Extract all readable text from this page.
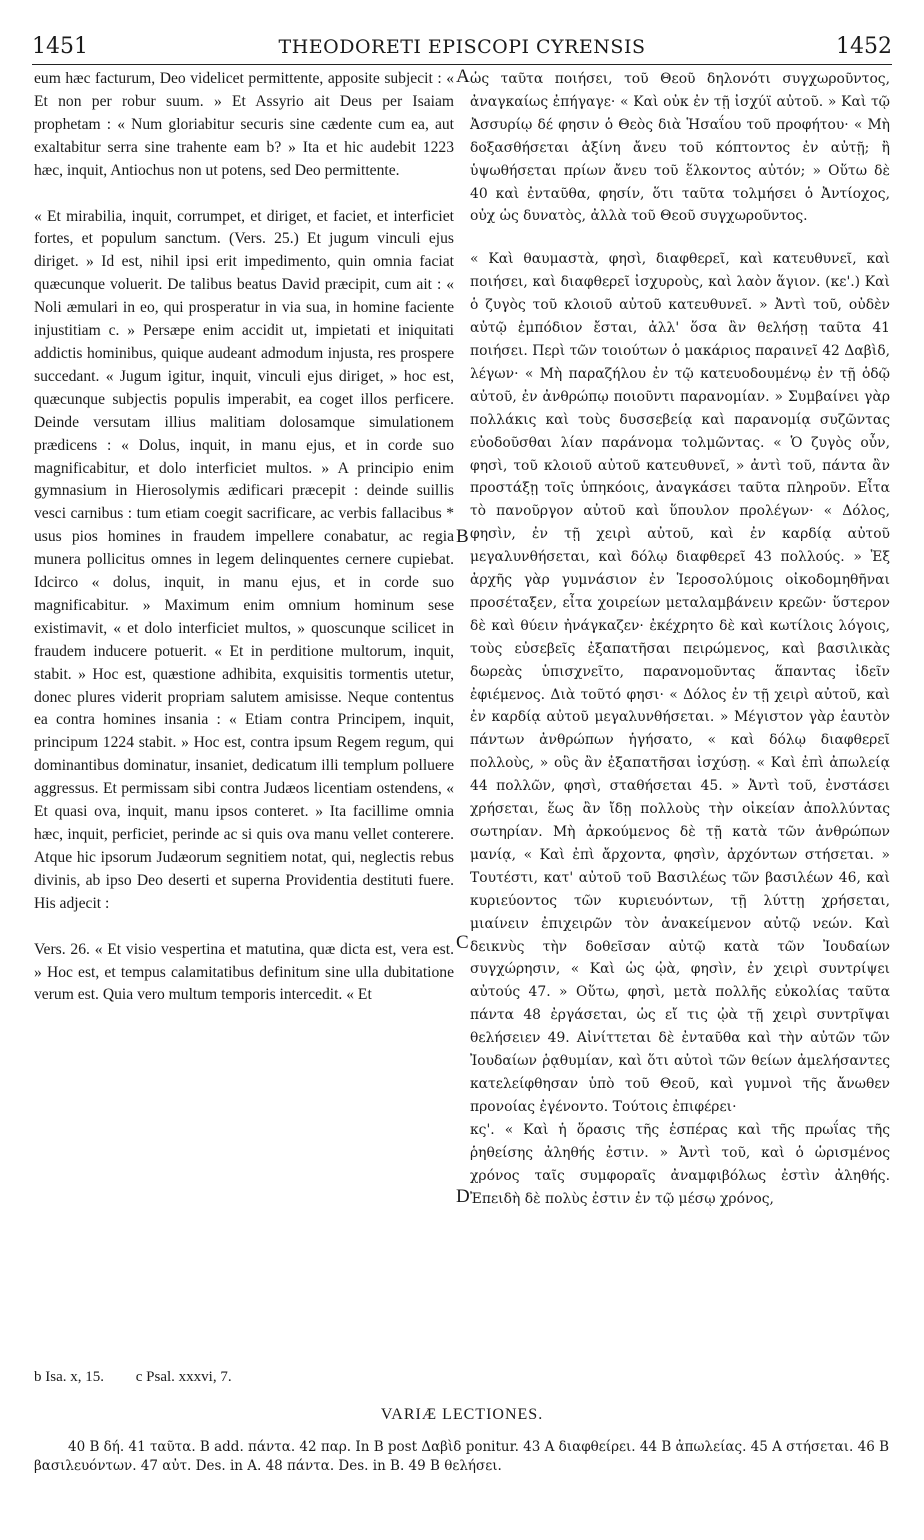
1451	THEODORETI EPISCOPI CYRENSIS	1452

eum hæc facturum, Deo videlicet permittente, apposite subjecit : « Et non per robur suum. » Et Assyrio ait Deus per Isaiam prophetam : « Num gloriabitur securis sine cædente cum ea, aut exaltabitur serra sine trahente eam b? » Ita et hic audebit 1223 hæc, inquit, Antiochus non ut potens, sed Deo permittente.

« Et mirabilia, inquit, corrumpet, et diriget, et faciet, et interficiet fortes, et populum sanctum. (Vers. 25.) Et jugum vinculi ejus diriget. » Id est, nihil ipsi erit impedimento, quin omnia faciat quæcunque voluerit. De talibus beatus David præcipit, cum ait : « Noli æmulari in eo, qui prosperatur in via sua, in homine faciente injustitiam c. » Persæpe enim accidit ut, impietati et iniquitati addictis hominibus, quique audeant admodum injusta, res prospere succedant. « Jugum igitur, inquit, vinculi ejus diriget, » hoc est, quæcunque subjectis populis imperabit, ea coget illos perficere. Deinde versutam illius malitiam dolosamque simulationem prædicens : « Dolus, inquit, in manu ejus, et in corde suo magnificabitur, et dolo interficiet multos. » A principio enim gymnasium in Hierosolymis ædificari præcepit : deinde suillis vesci carnibus : tum etiam coegit sacrificare, ac verbis fallacibus * usus pios homines in fraudem impellere conabatur, ac regia munera pollicitus omnes in legem delinquentes cernere cupiebat. Idcirco « dolus, inquit, in manu ejus, et in corde suo magnificabitur. » Maximum enim omnium hominum sese existimavit, « et dolo interficiet multos, » quoscunque scilicet in fraudem inducere potuerit. « Et in perditione multorum, inquit, stabit. » Hoc est, quæstione adhibita, exquisitis tormentis utetur, donec plures viderit propriam salutem amisisse. Neque contentus ea contra homines insania : « Etiam contra Principem, inquit, principum 1224 stabit. » Hoc est, contra ipsum Regem regum, qui dominantibus dominatur, insaniet, dedicatum illi templum polluere aggressus. Et permissam sibi contra Judæos licentiam ostendens, « Et quasi ova, inquit, manu ipsos conteret. » Ita facillime omnia hæc, inquit, perficiet, perinde ac si quis ova manu vellet conterere. Atque hic ipsorum Judæorum segnitiem notat, qui, neglectis rebus divinis, ab ipso Deo deserti et superna Providentia destituti fuere. His adjecit :

Vers. 26. « Et visio vespertina et matutina, quæ dicta est, vera est. » Hoc est, et tempus calamitatibus definitum sine ulla dubitatione verum est. Quia vero multum temporis intercedit. « Et

A
B
C
D

ὡς ταῦτα ποιήσει, τοῦ Θεοῦ δηλονότι συγχωροῦντος, ἀναγκαίως ἐπήγαγε· « Καὶ οὐκ ἐν τῇ ἰσχύϊ αὐτοῦ. » Καὶ τῷ Ἀσσυρίῳ δέ φησιν ὁ Θεὸς διὰ Ἡσαΐου τοῦ προφήτου· « Μὴ δοξασθήσεται ἀξίνη ἄνευ τοῦ κόπτοντος ἐν αὐτῇ; ἢ ὑψωθήσεται πρίων ἄνευ τοῦ ἕλκοντος αὐτόν; » Οὕτω δὲ 40 καὶ ἐνταῦθα, φησίν, ὅτι ταῦτα τολμήσει ὁ Ἀντίοχος, οὐχ ὡς δυνατὸς, ἀλλὰ τοῦ Θεοῦ συγχωροῦντος.

« Καὶ θαυμαστὰ, φησὶ, διαφθερεῖ, καὶ κατευθυνεῖ, καὶ ποιήσει, καὶ διαφθερεῖ ἰσχυροὺς, καὶ λαὸν ἅγιον. (κε'.) Καὶ ὁ ζυγὸς τοῦ κλοιοῦ αὐτοῦ κατευθυνεῖ. » Ἀντὶ τοῦ, οὐδὲν αὐτῷ ἐμπόδιον ἔσται, ἀλλ' ὅσα ἂν θελήσῃ ταῦτα 41 ποιήσει. Περὶ τῶν τοιούτων ὁ μακάριος παραινεῖ 42 Δαβὶδ, λέγων· « Μὴ παραζήλου ἐν τῷ κατευοδουμένῳ ἐν τῇ ὁδῷ αὐτοῦ, ἐν ἀνθρώπῳ ποιοῦντι παρανομίαν. » Συμβαίνει γὰρ πολλάκις καὶ τοὺς δυσσεβείᾳ καὶ παρανομίᾳ συζῶντας εὐοδοῦσθαι λίαν παράνομα τολμῶντας. « Ὁ ζυγὸς οὖν, φησὶ, τοῦ κλοιοῦ αὐτοῦ κατευθυνεῖ, » ἀντὶ τοῦ, πάντα ἂν προστάξῃ τοῖς ὑπηκόοις, ἀναγκάσει ταῦτα πληροῦν. Εἶτα τὸ πανοῦργον αὐτοῦ καὶ ὕπουλον προλέγων· « Δόλος, φησὶν, ἐν τῇ χειρὶ αὐτοῦ, καὶ ἐν καρδίᾳ αὐτοῦ μεγαλυνθήσεται, καὶ δόλῳ διαφθερεῖ 43 πολλούς. » Ἐξ ἀρχῆς γὰρ γυμνάσιον ἐν Ἱεροσολύμοις οἰκοδομηθῆναι προσέταξεν, εἶτα χοιρείων μεταλαμβάνειν κρεῶν· ὕστερον δὲ καὶ θύειν ἠνάγκαζεν· ἐκέχρητο δὲ καὶ κωτίλοις λόγοις, τοὺς εὐσεβεῖς ἐξαπατῆσαι πειρώμενος, καὶ βασιλικὰς δωρεὰς ὑπισχνεῖτο, παρανομοῦντας ἅπαντας ἰδεῖν ἐφιέμενος. Διὰ τοῦτό φησι· « Δόλος ἐν τῇ χειρὶ αὐτοῦ, καὶ ἐν καρδίᾳ αὐτοῦ μεγαλυνθήσεται. » Μέγιστον γὰρ ἑαυτὸν πάντων ἀνθρώπων ἡγήσατο, « καὶ δόλῳ διαφθερεῖ πολλοὺς, » οὓς ἂν ἐξαπατῆσαι ἰσχύσῃ. « Καὶ ἐπὶ ἀπωλείᾳ 44 πολλῶν, φησὶ, σταθήσεται 45. » Ἀντὶ τοῦ, ἐνστάσει χρήσεται, ἕως ἂν ἴδῃ πολλοὺς τὴν οἰκείαν ἀπολλύντας σωτηρίαν. Μὴ ἀρκούμενος δὲ τῇ κατὰ τῶν ἀνθρώπων μανίᾳ, « Καὶ ἐπὶ ἄρχοντα, φησὶν, ἀρχόντων στήσεται. » Τουτέστι, κατ' αὐτοῦ τοῦ Βασιλέως τῶν βασιλέων 46, καὶ κυριεύοντος τῶν κυριευόντων, τῇ λύττῃ χρήσεται, μιαίνειν ἐπιχειρῶν τὸν ἀνακείμενον αὐτῷ νεών. Καὶ δεικνὺς τὴν δοθεῖσαν αὐτῷ κατὰ τῶν Ἰουδαίων συγχώρησιν, « Καὶ ὡς ᾠὰ, φησὶν, ἐν χειρὶ συντρίψει αὐτούς 47. » Οὕτω, φησὶ, μετὰ πολλῆς εὐκολίας ταῦτα πάντα 48 ἐργάσεται, ὡς εἴ τις ᾠὰ τῇ χειρὶ συντρῖψαι θελήσειεν 49. Αἰνίττεται δὲ ἐνταῦθα καὶ τὴν αὐτῶν τῶν Ἰουδαίων ῥᾳθυμίαν, καὶ ὅτι αὐτοὶ τῶν θείων ἀμελήσαντες κατελείφθησαν ὑπὸ τοῦ Θεοῦ, καὶ γυμνοὶ τῆς ἄνωθεν προνοίας ἐγένοντο. Τούτοις ἐπιφέρει·

κς'. « Καὶ ἡ ὅρασις τῆς ἑσπέρας καὶ τῆς πρωΐας τῆς ῥηθείσης ἀληθής ἐστιν. » Ἀντὶ τοῦ, καὶ ὁ ὡρισμένος χρόνος ταῖς συμφοραῖς ἀναμφιβόλως ἐστὶν ἀληθής. Ἐπειδὴ δὲ πολὺς ἐστιν ἐν τῷ μέσῳ χρόνος,

b Isa. x, 15. c Psal. xxxvi, 7.
VARIÆ LECTIONES.
40 B δή. 41 ταῦτα. B add. πάντα. 42 παρ. In B post Δαβὶδ ponitur. 43 A διαφθείρει. 44 B ἀπωλείας. 45 A στήσεται. 46 B βασιλευόντων. 47 αὐτ. Des. in A. 48 πάντα. Des. in B. 49 B θελήσει.
